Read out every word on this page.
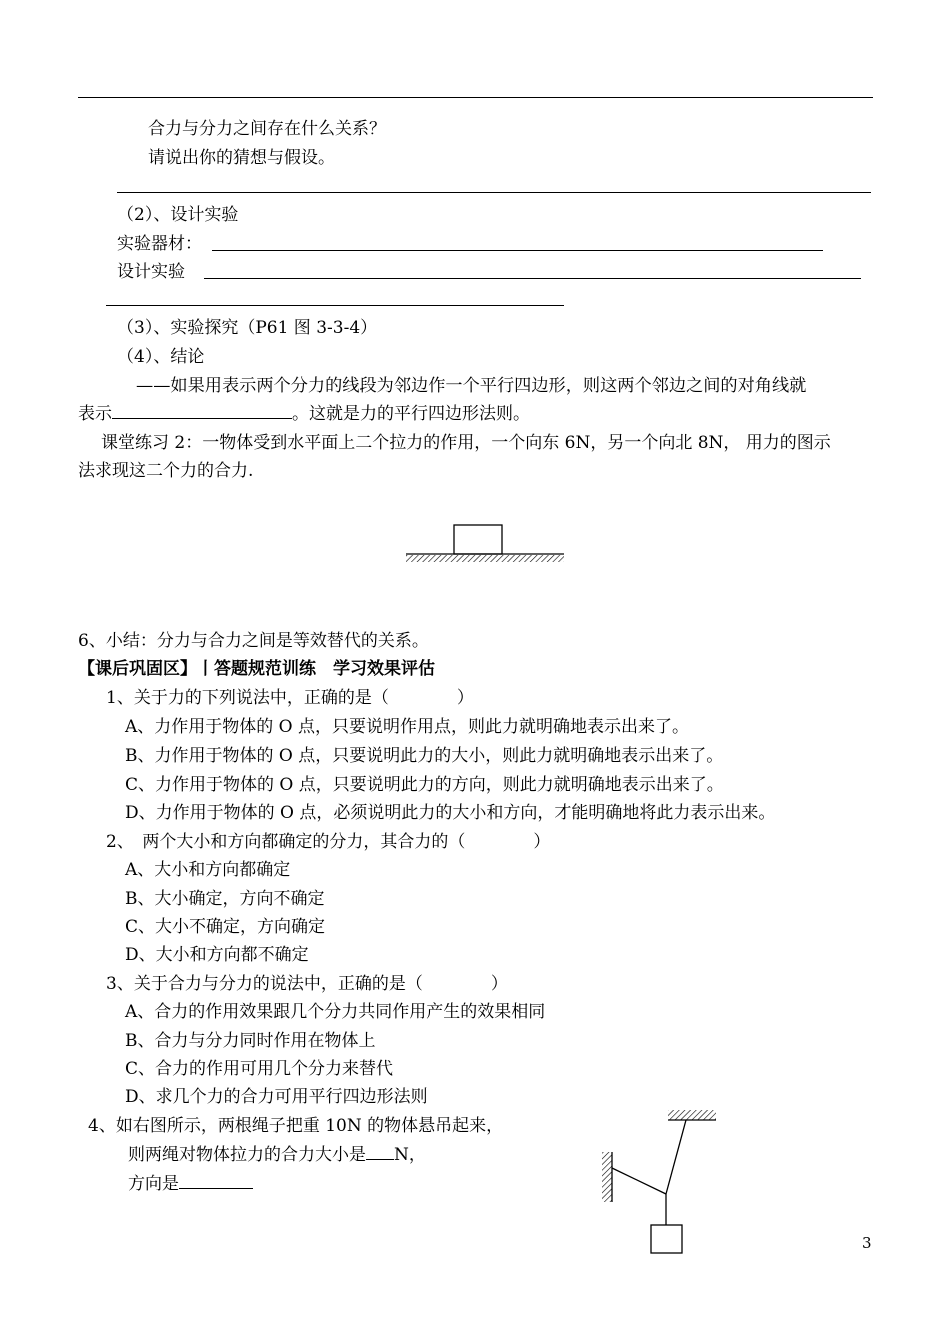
合力与分力之间存在什么关系？
请说出你的猜想与假设。
（2）、设计实验
实验器材：
设计实验
（3）、实验探究（P61 图 3-3-4）
（4）、结论
——如果用表示两个分力的线段为邻边作一个平行四边形，则这两个邻边之间的对角线就
表示	。这就是力的平行四边形法则。
课堂练习 2：一物体受到水平面上二个拉力的作用，一个向东 6N，另一个向北 8N， 用力的图示
法求现这二个力的合力.
6、小结：分力与合力之间是等效替代的关系。
【课后巩固区】丨答题规范训练　学习效果评估
1、关于力的下列说法中，正确的是（　　　　）
A、力作用于物体的 O 点，只要说明作用点，则此力就明确地表示出来了。
B、力作用于物体的 O 点，只要说明此力的大小，则此力就明确地表示出来了。
C、力作用于物体的 O 点，只要说明此力的方向，则此力就明确地表示出来了。
D、力作用于物体的 O 点，必须说明此力的大小和方向，才能明确地将此力表示出来。
2、　两个大小和方向都确定的分力，其合力的（　　　　）
A、大小和方向都确定
B、大小确定，方向不确定
C、大小不确定，方向确定
D、大小和方向都不确定
3、关于合力与分力的说法中，正确的是（　　　　）
A、合力的作用效果跟几个分力共同作用产生的效果相同
B、合力与分力同时作用在物体上
C、合力的作用可用几个分力来替代
D、求几个力的合力可用平行四边形法则
4、如右图所示，两根绳子把重 10N 的物体悬吊起来，
则两绳对物体拉力的合力大小是 N，
方向是
3
